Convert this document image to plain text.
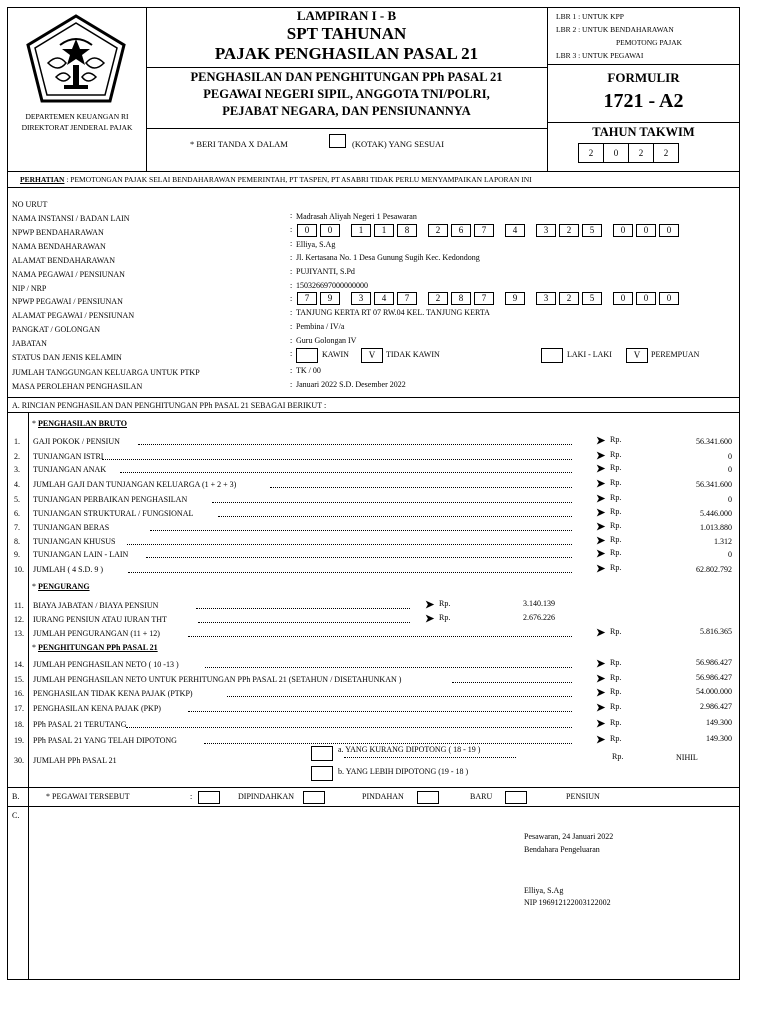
DEPARTEMEN KEUANGAN RI
DIREKTORAT JENDERAL PAJAK
LAMPIRAN I - B
SPT TAHUNAN
PAJAK PENGHASILAN PASAL 21
PENGHASILAN DAN PENGHITUNGAN PPh PASAL 21
PEGAWAI NEGERI SIPIL, ANGGOTA TNI/POLRI,
PEJABAT NEGARA, DAN PENSIUNANNYA
* BERI TANDA X DALAM	(KOTAK) YANG SESUAI
LBR 1 : UNTUK KPP
LBR 2 : UNTUK BENDAHARAWAN
PEMOTONG PAJAK
LBR 3 : UNTUK PEGAWAI
FORMULIR
1721 - A2
TAHUN TAKWIM
2	0	2	2
PERHATIAN : PEMOTONGAN PAJAK SELAI BENDAHARAWAN PEMERINTAH, PT TASPEN, PT ASABRI TIDAK PERLU MENYAMPAIKAN LAPORAN INI
NO URUT
NAMA INSTANSI / BADAN LAIN	: Madrasah Aliyah Negeri 1 Pesawaran
NPWP BENDAHARAWAN	:	0	0	1	1	8	2	6	7	4	3	2	5	0	0	0
NAMA BENDAHARAWAN	: Elliya, S.Ag
ALAMAT BENDAHARAWAN	: Jl. Kertasana No. 1 Desa Gunung Sugih Kec. Kedondong
NAMA PEGAWAI / PENSIUNAN	: PUJIYANTI, S.Pd
NIP / NRP	: 150326697000000000
NPWP PEGAWAI / PENSIUNAN	:	7	9	3	4	7	2	8	7	9	3	2	5	0	0	0
ALAMAT PEGAWAI / PENSIUNAN	: TANJUNG KERTA RT 07 RW.04 KEL. TANJUNG KERTA
PANGKAT / GOLONGAN	: Pembina / IV/a
JABATAN	: Guru Golongan IV
STATUS DAN JENIS KELAMIN	:	KAWIN	V	TIDAK KAWIN	LAKI - LAKI	V	PEREMPUAN
JUMLAH TANGGUNGAN KELUARGA UNTUK PTKP	: TK / 00
MASA PEROLEHAN PENGHASILAN	: Januari 2022 S.D. Desember 2022
A. RINCIAN PENGHASILAN DAN PENGHITUNGAN PPh PASAL 21 SEBAGAI BERIKUT :
* PENGHASILAN BRUTO
1.	GAJI POKOK / PENSIUN	➤ Rp.	56.341.600
2.	TUNJANGAN ISTRI	➤ Rp.	0
3.	TUNJANGAN ANAK	➤ Rp.	0
4.	JUMLAH GAJI DAN TUNJANGAN KELUARGA (1 + 2 + 3)	➤ Rp.	56.341.600
5.	TUNJANGAN PERBAIKAN PENGHASILAN	➤ Rp.	0
6.	TUNJANGAN STRUKTURAL / FUNGSIONAL	➤ Rp.	5.446.000
7.	TUNJANGAN BERAS	➤ Rp.	1.013.880
8.	TUNJANGAN KHUSUS	➤ Rp.	1.312
9.	TUNJANGAN LAIN - LAIN	➤ Rp.	0
10.	JUMLAH ( 4 S.D. 9 )	➤ Rp.	62.802.792
* PENGURANG
11.	BIAYA JABATAN / BIAYA PENSIUN	➤ Rp.	3.140.139
12.	IURANG PENSIUN ATAU IURAN THT	➤ Rp.	2.676.226
13.	JUMLAH PENGURANGAN (11 + 12)	➤ Rp.	5.816.365
* PENGHITUNGAN PPh PASAL 21
14.	JUMLAH PENGHASILAN NETO ( 10 -13 )	➤ Rp.	56.986.427
15.	JUMLAH PENGHASILAN NETO UNTUK PERHITUNGAN PPh PASAL 21 (SETAHUN / DISETAHUNKAN )	➤ Rp.	56.986.427
16.	PENGHASILAN TIDAK KENA PAJAK (PTKP)	➤ Rp.	54.000.000
17.	PENGHASILAN KENA PAJAK (PKP)	➤ Rp.	2.986.427
18.	PPh PASAL 21 TERUTANG	➤ Rp.	149.300
19.	PPh PASAL 21 YANG TELAH DIPOTONG	➤ Rp.	149.300
30.	JUMLAH PPh PASAL 21
a. YANG KURANG DIPOTONG ( 18 - 19 )
b. YANG LEBIH DIPOTONG (19 - 18 )
Rp.	NIHIL
B.	* PEGAWAI TERSEBUT	:	DIPINDAHKAN	PINDAHAN	BARU	PENSIUN
C.
Pesawaran, 24 Januari 2022
Bendahara Pengeluaran
Elliya, S.Ag
NIP 196912122003122002
